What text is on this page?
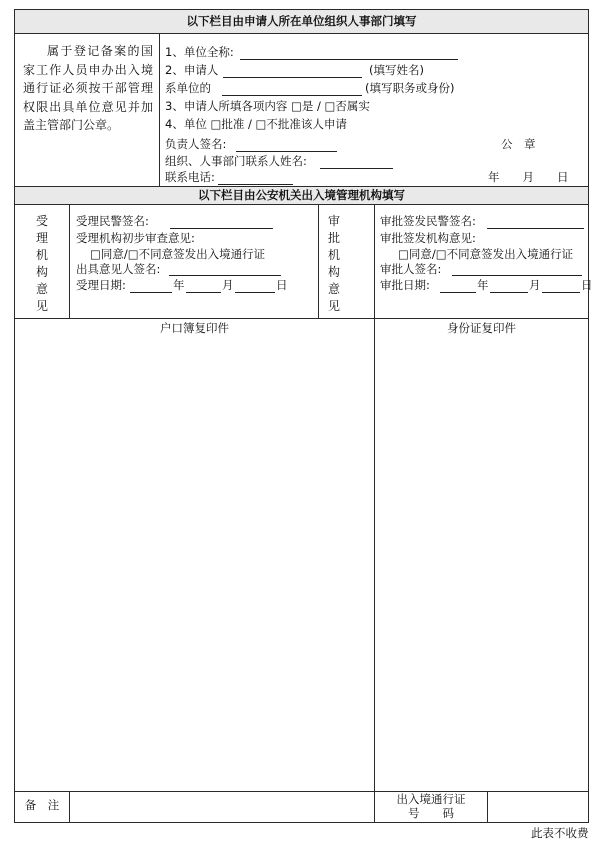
以下栏目由申请人所在单位组织人事部门填写
属于登记备案的国家工作人员申办出入境通行证必须按干部管理权限出具单位意见并加盖主管部门公章。
1、单位全称:
2、申请人	(填写姓名)
系单位的	(填写职务或身份)
3、申请人所填各项内容 □是 / □否属实
4、单位 □批准 / □不批准该人申请
负责人签名:	公　章
组织、人事部门联系人姓名:
联系电话:	年　　月　　日
以下栏目由公安机关出入境管理机构填写
受理机构意见
受理民警签名:
受理机构初步审查意见:
□同意/□不同意签发出入境通行证
出具意见人签名:
受理日期:	年	月	日
审批机构意见
审批签发民警签名:
审批签发机构意见:
□同意/□不同意签发出入境通行证
审批人签名:
审批日期:	年	月	日
户口簿复印件	身份证复印件
备　注	出入境通行证
号　　码
此表不收费
